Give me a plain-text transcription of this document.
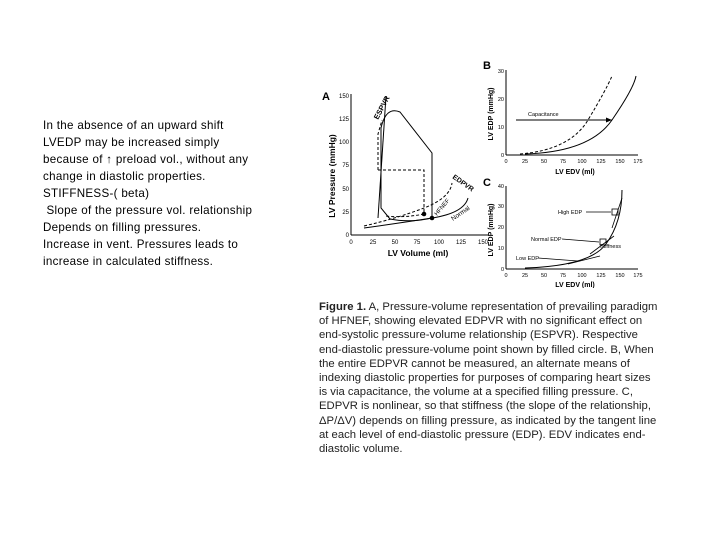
In the absence of an upward shift
LVEDP may be increased simply
because of ↑ preload vol., without any
change in diastolic properties.
STIFFNESS-( beta)
Slope of the pressure vol. relationship
Depends on filling pressures.
Increase in vent. Pressures leads to
increase in calculated stiffness.
A
LV Pressure (mmHg)
0
25
50
75
100
125
150
0	25	50	75 100 125 150
LV Volume (ml)
ESPVR
EDPVR
HFNEF
Normal
B
LV EDP (mmHg)
0
10
20
30
0	25 50 75 100 125 150 175
LV EDV (ml)
Capacitance
C
LV EDP (mmHg)
0
10
20
30
40
0	25 50 75 100 125 150 175
LV EDV (ml)
High EDP
Normal EDP
Stiffness
Low EDP
Figure 1. A, Pressure-volume representation of prevailing paradigm of HFNEF, showing elevated EDPVR with no significant effect on end-systolic pressure-volume relationship (ESPVR). Respective end-diastolic pressure-volume point shown by filled circle. B, When the entire EDPVR cannot be measured, an alternate means of indexing diastolic properties for purposes of comparing heart sizes is via capacitance, the volume at a specified filling pressure. C, EDPVR is nonlinear, so that stiffness (the slope of the relationship, ΔP/ΔV) depends on filling pressure, as indicated by the tangent line at each level of end-diastolic pressure (EDP). EDV indicates end-diastolic volume.
